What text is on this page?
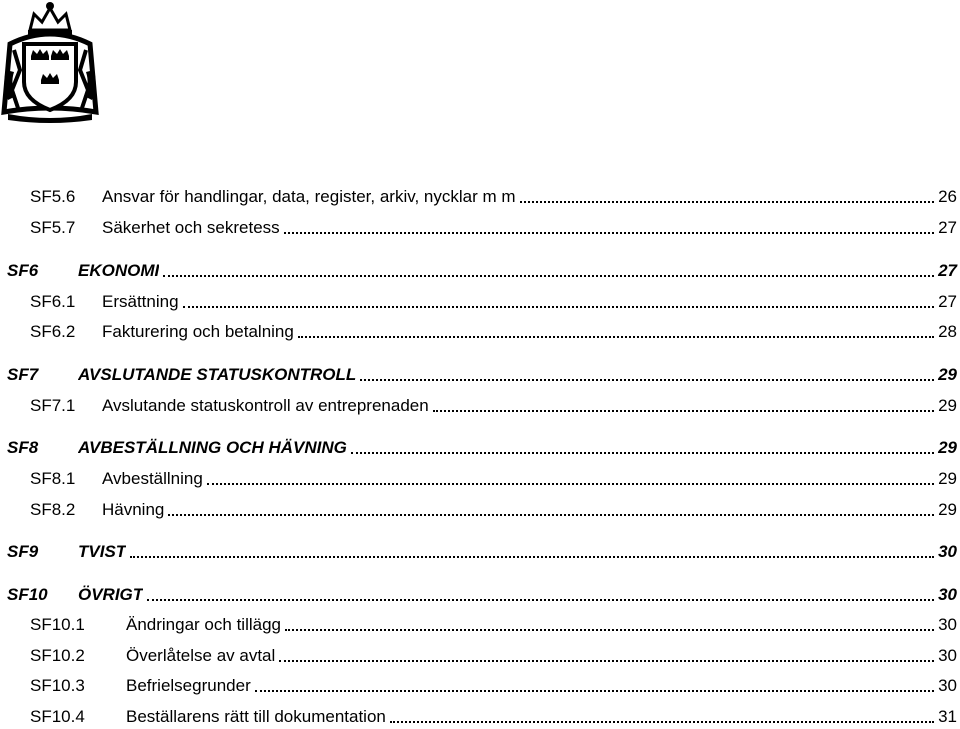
SF5.6 Ansvar för handlingar, data, register, arkiv, nycklar m m	26
SF5.7 Säkerhet och sekretess	27
SF6 EKONOMI	27
SF6.1 Ersättning	27
SF6.2 Fakturering och betalning	28
SF7 AVSLUTANDE STATUSKONTROLL	29
SF7.1 Avslutande statuskontroll av entreprenaden	29
SF8 AVBESTÄLLNING OCH HÄVNING	29
SF8.1 Avbeställning	29
SF8.2 Hävning	29
SF9 TVIST	30
SF10 ÖVRIGT	30
SF10.1 Ändringar och tillägg	30
SF10.2 Överlåtelse av avtal	30
SF10.3 Befrielsegrunder	30
SF10.4 Beställarens rätt till dokumentation	31
